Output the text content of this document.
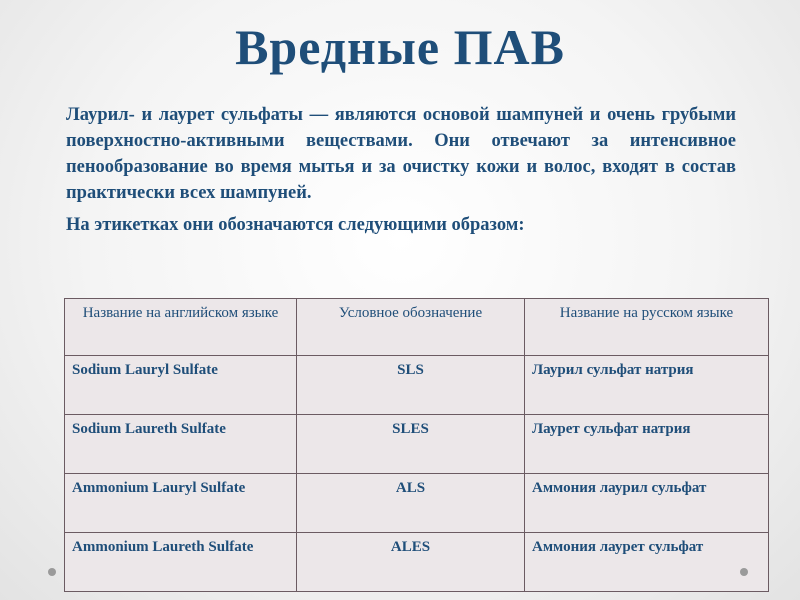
Вредные ПАВ

Лаурил- и лаурет сульфаты — являются основой шампуней и очень грубыми поверхностно-активными веществами. Они отвечают за интенсивное пенообразование во время мытья и за очистку кожи и волос, входят в состав практически всех шампуней.

На этикетках они обозначаются следующими образом:

Название на английском языке	Условное обозначение	Название на русском языке
Sodium Lauryl Sulfate	SLS	Лаурил сульфат натрия
Sodium Laureth Sulfate	SLES	Лаурет сульфат натрия
Ammonium Lauryl Sulfate	ALS	Аммония лаурил сульфат
Ammonium Laureth Sulfate	ALES	Аммония лаурет сульфат
